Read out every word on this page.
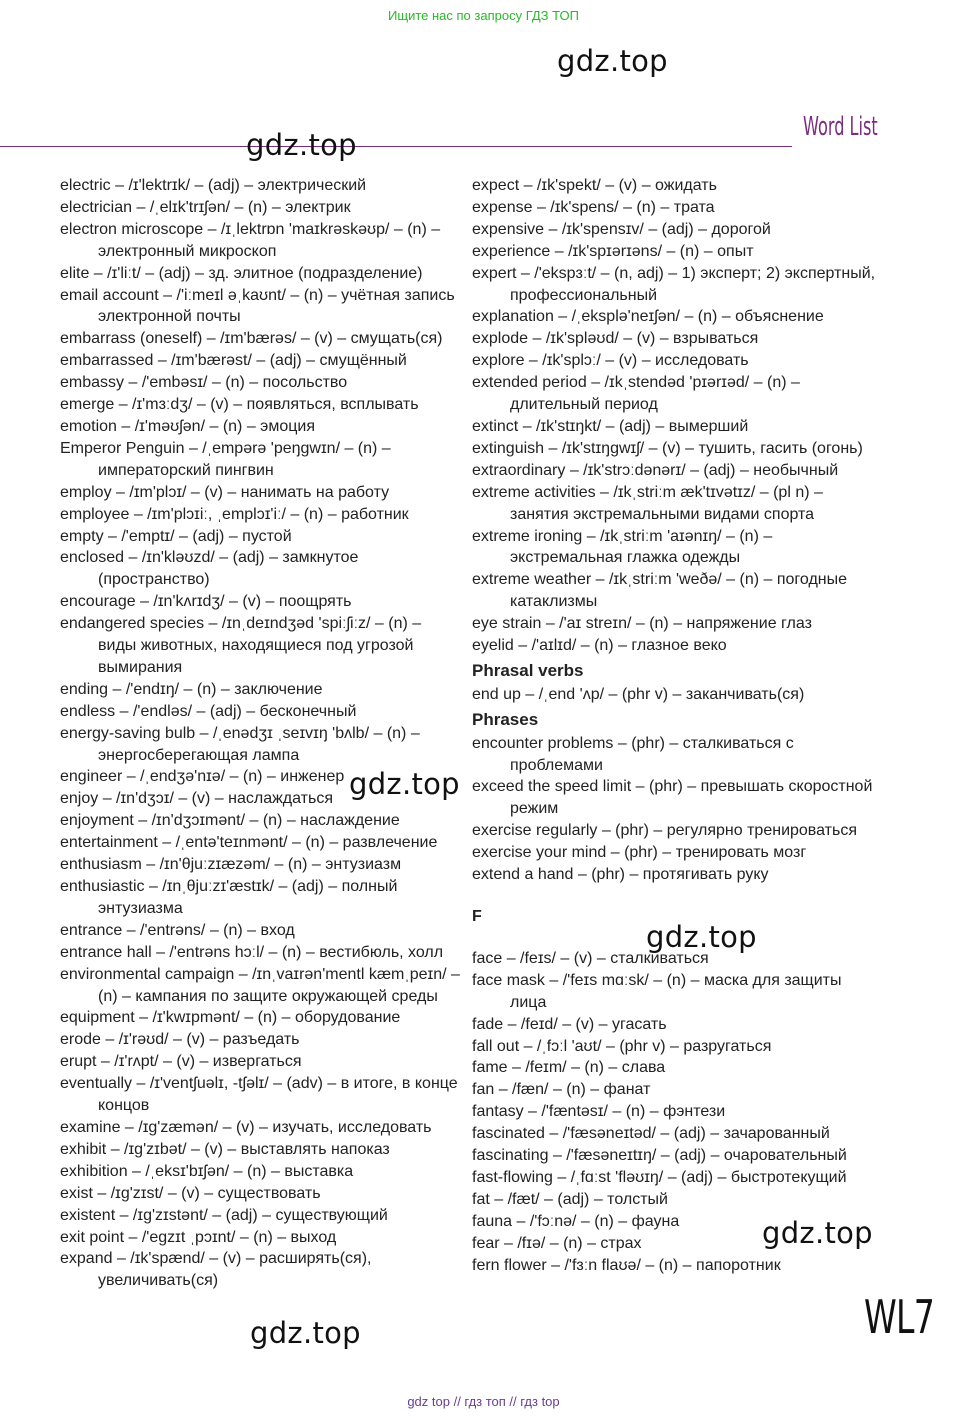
Ищите нас по запросу ГДЗ ТОП
gdz.top
Word List
gdz.top
electric – /ɪ'lektrɪk/ – (adj) – электрический
electrician – /ˌelɪk'trɪʃən/ – (n) – электрик
electron microscope – /ɪˌlektrɒn 'maɪkrəskəʊp/ – (n) – электронный микроскоп
elite – /ɪ'liːt/ – (adj) – зд. элитное (подразделение)
email account – /'iːmeɪl əˌkaʊnt/ – (n) – учётная запись электронной почты
embarrass (oneself) – /ɪm'bærəs/ – (v) – смущать(ся)
embarrassed – /ɪm'bærəst/ – (adj) – смущённый
embassy – /'embəsɪ/ – (n) – посольство
emerge – /ɪ'mɜːdʒ/ – (v) – появляться, всплывать
emotion – /ɪ'məʊʃən/ – (n) – эмоция
Emperor Penguin – /ˌempərə 'peŋgwɪn/ – (n) – императорский пингвин
employ – /ɪm'plɔɪ/ – (v) – нанимать на работу
employee – /ɪm'plɔɪiː, ˌemplɔɪ'iː/ – (n) – работник
empty – /'emptɪ/ – (adj) – пустой
enclosed – /ɪn'kləʊzd/ – (adj) – замкнутое (пространство)
encourage – /ɪn'kʌrɪdʒ/ – (v) – поощрять
endangered species – /ɪnˌdeɪndʒəd 'spiːʃiːz/ – (n) – виды животных, находящиеся под угрозой вымирания
ending – /'endɪŋ/ – (n) – заключение
endless – /'endləs/ – (adj) – бесконечный
energy-saving bulb – /ˌenədʒɪ ˌseɪvɪŋ 'bʌlb/ – (n) – энергосберегающая лампа
engineer – /ˌendʒə'nɪə/ – (n) – инженер
enjoy – /ɪn'dʒɔɪ/ – (v) – наслаждаться
enjoyment – /ɪn'dʒɔɪmənt/ – (n) – наслаждение
entertainment – /ˌentə'teɪnmənt/ – (n) – развлечение
enthusiasm – /ɪn'θjuːzɪæzəm/ – (n) – энтузиазм
enthusiastic – /ɪnˌθjuːzɪ'æstɪk/ – (adj) – полный энтузиазма
entrance – /'entrəns/ – (n) – вход
entrance hall – /'entrəns hɔːl/ – (n) – вестибюль, холл
environmental campaign – /ɪnˌvaɪrən'mentl kæmˌpeɪn/ – (n) – кампания по защите окружающей среды
equipment – /ɪ'kwɪpmənt/ – (n) – оборудование
erode – /ɪ'rəʊd/ – (v) – разъедать
erupt – /ɪ'rʌpt/ – (v) – извергаться
eventually – /ɪ'ventʃuəlɪ, -tʃəlɪ/ – (adv) – в итоге, в конце концов
examine – /ɪg'zæmən/ – (v) – изучать, исследовать
exhibit – /ɪg'zɪbət/ – (v) – выставлять напоказ
exhibition – /ˌeksɪ'bɪʃən/ – (n) – выставка
exist – /ɪg'zɪst/ – (v) – существовать
existent – /ɪg'zɪstənt/ – (adj) – существующий
exit point – /'egzɪt ˌpɔɪnt/ – (n) – выход
expand – /ɪk'spænd/ – (v) – расширять(ся), увеличивать(ся)
expect – /ɪk'spekt/ – (v) – ожидать
expense – /ɪk'spens/ – (n) – трата
expensive – /ɪk'spensɪv/ – (adj) – дорогой
experience – /ɪk'spɪərɪəns/ – (n) – опыт
expert – /'ekspɜːt/ – (n, adj) – 1) эксперт; 2) экспертный, профессиональный
explanation – /ˌeksplə'neɪʃən/ – (n) – объяснение
explode – /ɪk'spləʊd/ – (v) – взрываться
explore – /ɪk'splɔː/ – (v) – исследовать
extended period – /ɪkˌstendəd 'pɪərɪəd/ – (n) – длительный период
extinct – /ɪk'stɪŋkt/ – (adj) – вымерший
extinguish – /ɪk'stɪŋgwɪʃ/ – (v) – тушить, гасить (огонь)
extraordinary – /ɪk'strɔːdənərɪ/ – (adj) – необычный
extreme activities – /ɪkˌstriːm æk'tɪvətɪz/ – (pl n) – занятия экстремальными видами спорта
extreme ironing – /ɪkˌstriːm 'aɪənɪŋ/ – (n) – экстремальная глажка одежды
extreme weather – /ɪkˌstriːm 'weðə/ – (n) – погодные катаклизмы
eye strain – /'aɪ streɪn/ – (n) – напряжение глаз
eyelid – /'aɪlɪd/ – (n) – глазное веко
Phrasal verbs
end up – /ˌend 'ʌp/ – (phr v) – заканчивать(ся)
Phrases
encounter problems – (phr) – сталкиваться с проблемами
exceed the speed limit – (phr) – превышать скоростной режим
exercise regularly – (phr) – регулярно тренироваться
exercise your mind – (phr) – тренировать мозг
extend a hand – (phr) – протягивать руку
F
face – /feɪs/ – (v) – сталкиваться
face mask – /'feɪs mɑːsk/ – (n) – маска для защиты лица
fade – /feɪd/ – (v) – угасать
fall out – /ˌfɔːl 'aʊt/ – (phr v) – разругаться
fame – /feɪm/ – (n) – слава
fan – /fæn/ – (n) – фанат
fantasy – /'fæntəsɪ/ – (n) – фэнтези
fascinated – /'fæsəneɪtəd/ – (adj) – зачарованный
fascinating – /'fæsəneɪtɪŋ/ – (adj) – очаровательный
fast-flowing – /ˌfɑːst 'fləʊɪŋ/ – (adj) – быстротекущий
fat – /fæt/ – (adj) – толстый
fauna – /'fɔːnə/ – (n) – фауна
fear – /fɪə/ – (n) – страх
fern flower – /'fɜːn flaʊə/ – (n) – папоротник
gdz.top
gdz.top
gdz.top
gdz.top	WL7
gdz top // гдз топ // гдз top
